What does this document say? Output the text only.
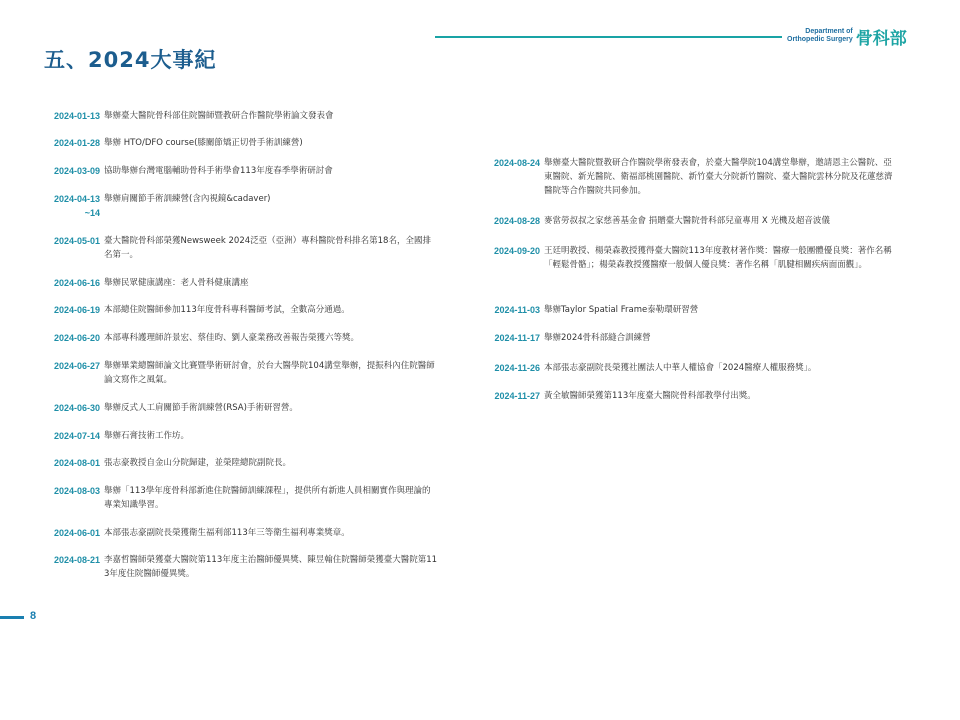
Department of
Orthopedic Surgery 骨科部
五、2024大事紀
2024-01-13 舉辦臺大醫院骨科部住院醫師暨教研合作醫院學術論文發表會
2024-01-28 舉辦 HTO/DFO course(膝關節矯正切骨手術訓練營)
2024-03-09 協助舉辦台灣電腦輔助骨科手術學會113年度春季學術研討會
2024-04-13
~14
舉辦肩關節手術訓練營(含內視鏡&cadaver)
2024-05-01 臺大醫院骨科部榮獲Newsweek 2024泛亞（亞洲）專科醫院骨科排名第18名，全國排名第一。
2024-06-16 舉辦民眾健康講座：老人骨科健康講座
2024-06-19 本部總住院醫師參加113年度骨科專科醫師考試，全數高分通過。
2024-06-20 本部專科護理師許景宏、蔡佳昀、劉人豪業務改善報告榮獲六等獎。
2024-06-27 舉辦畢業總醫師論文比賽暨學術研討會，於台大醫學院104講堂舉辦，提振科內住院醫師論文寫作之風氣。
2024-06-30 舉辦反式人工肩關節手術訓練營(RSA)手術研習營。
2024-07-14 舉辦石膏技術工作坊。
2024-08-01 張志豪教授自金山分院歸建，並榮陞總院副院長。
2024-08-03 舉辦「113學年度骨科部新進住院醫師訓練課程」，提供所有新進人員相關實作與理論的專業知識學習。
2024-06-01 本部張志豪副院長榮獲衛生福利部113年三等衛生福利專業獎章。
2024-08-21 李嘉哲醫師榮獲臺大醫院第113年度主治醫師優異獎、陳昱翰住院醫師榮獲臺大醫院第113年度住院醫師優異獎。
2024-08-24 舉辦臺大醫院暨教研合作醫院學術發表會，於臺大醫學院104講堂舉辦，邀請恩主公醫院、亞東醫院、新光醫院、衛福部桃園醫院、新竹臺大分院新竹醫院、臺大醫院雲林分院及花蓮慈濟醫院等合作醫院共同參加。
2024-08-28 麥當勞叔叔之家慈善基金會 捐贈臺大醫院骨科部兒童專用 X 光機及超音波儀
2024-09-20 王廷明教授、楊榮森教授獲得臺大醫院113年度教材著作獎：醫療一般團體優良獎：著作名稱「輕鬆骨骼」；楊榮森教授獲醫療一般個人優良獎：著作名稱「肌腱相關疾病面面觀」。
2024-11-03 舉辦Taylor Spatial Frame泰勒環研習營
2024-11-17 舉辦2024骨科部縫合訓練營
2024-11-26 本部張志豪副院長榮獲社團法人中華人權協會「2024醫療人權服務獎」。
2024-11-27 黃全敏醫師榮獲第113年度臺大醫院骨科部教學付出獎。
8
